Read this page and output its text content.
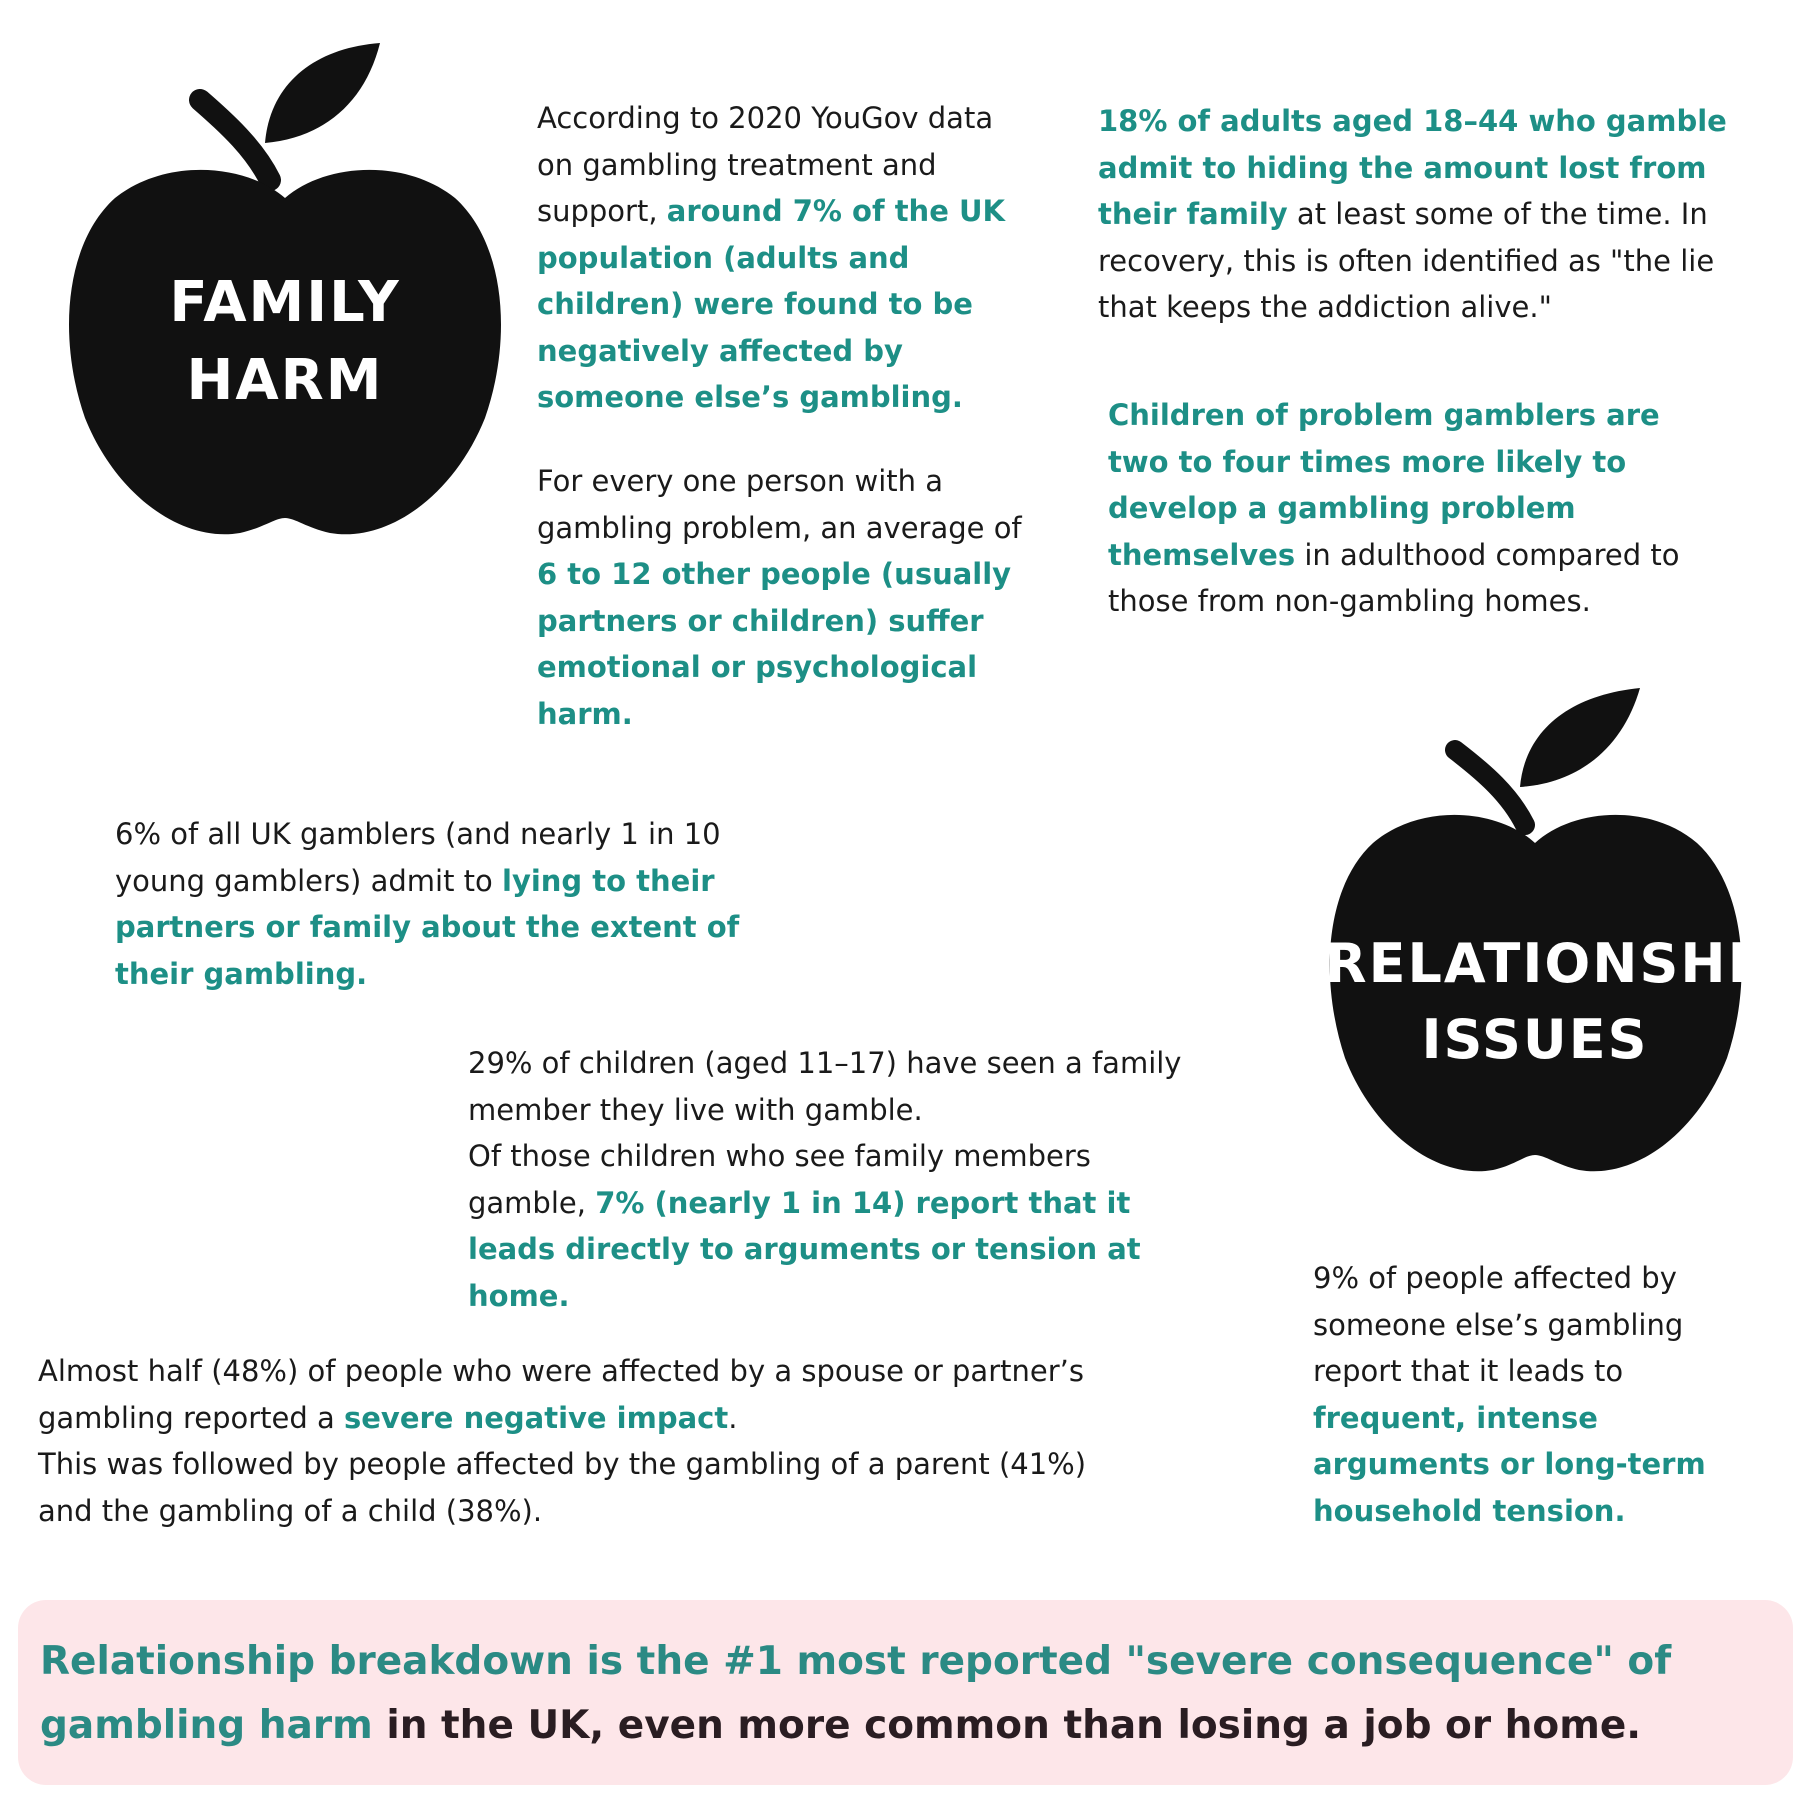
FAMILY
HARM
RELATIONSHIP
ISSUES
According to 2020 YouGov data on gambling treatment and support, around 7% of the UK population (adults and children) were found to be negatively affected by someone else’s gambling.
For every one person with a gambling problem, an average of 6 to 12 other people (usually partners or children) suffer emotional or psychological harm.
18% of adults aged 18–44 who gamble admit to hiding the amount lost from their family at least some of the time. In recovery, this is often identified as "the lie that keeps the addiction alive."
Children of problem gamblers are two to four times more likely to develop a gambling problem themselves in adulthood compared to those from non-gambling homes.
6% of all UK gamblers (and nearly 1 in 10 young gamblers) admit to lying to their partners or family about the extent of their gambling.
29% of children (aged 11–17) have seen a family member they live with gamble.
Of those children who see family members gamble, 7% (nearly 1 in 14) report that it leads directly to arguments or tension at home.
Almost half (48%) of people who were affected by a spouse or partner’s gambling reported a severe negative impact.
This was followed by people affected by the gambling of a parent (41%) and the gambling of a child (38%).
9% of people affected by someone else’s gambling report that it leads to frequent, intense arguments or long-term household tension.
Relationship breakdown is the #1 most reported "severe consequence" of gambling harm in the UK, even more common than losing a job or home.
